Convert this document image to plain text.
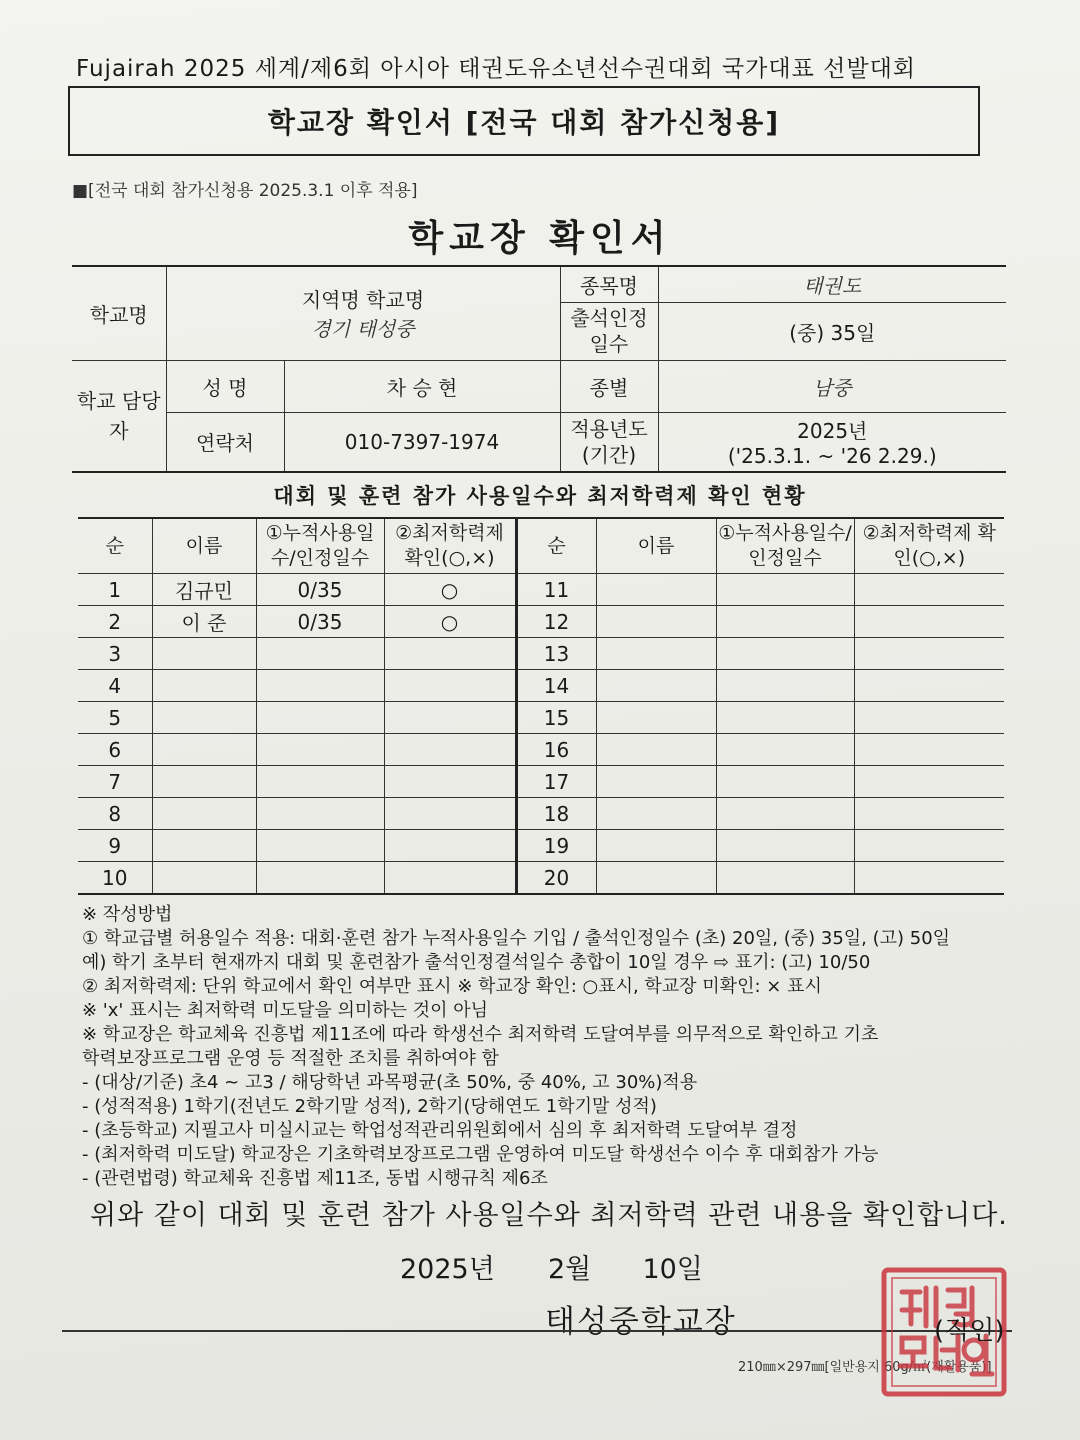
Fujairah 2025 세계/제6회 아시아 태권도유소년선수권대회 국가대표 선발대회
학교장 확인서 [전국 대회 참가신청용]
■[전국 대회 참가신청용 2025.3.1 이후 적용]
학교장 확인서
학교명	지역명 학교명
경기 태성중		종목명	태권도
			출석인정 일수	(중) 35일
학교 담당자	성 명	차 승 현	종별	남중
	연락처	010-7397-1974	적용년도 (기간)	2025년
('25.3.1. ~ '26 2.29.)
대회 및 훈련 참가 사용일수와 최저학력제 확인 현황
순	이름	①누적사용일수/인정일수	②최저학력제 확인(○,×)	순	이름	①누적사용일수/인정일수	②최저학력제 확인(○,×)
1	김규민	0/35	○	11			
2	이 준	0/35	○	12			
3				13			
4				14			
5				15			
6				16			
7				17			
8				18			
9				19			
10				20			
※ 작성방법
① 학교급별 허용일수 적용: 대회·훈련 참가 누적사용일수 기입 / 출석인정일수 (초) 20일, (중) 35일, (고) 50일
예) 학기 초부터 현재까지 대회 및 훈련참가 출석인정결석일수 총합이 10일 경우 ⇨ 표기: (고) 10/50
② 최저학력제: 단위 학교에서 확인 여부만 표시 ※ 학교장 확인: ○표시, 학교장 미확인: × 표시
※ 'x' 표시는 최저학력 미도달을 의미하는 것이 아님
※ 학교장은 학교체육 진흥법 제11조에 따라 학생선수 최저학력 도달여부를 의무적으로 확인하고 기초
학력보장프로그램 운영 등 적절한 조치를 취하여야 함
- (대상/기준) 초4 ~ 고3 / 해당학년 과목평균(초 50%, 중 40%, 고 30%)적용
- (성적적용) 1학기(전년도 2학기말 성적), 2학기(당해연도 1학기말 성적)
- (초등학교) 지필고사 미실시교는 학업성적관리위원회에서 심의 후 최저학력 도달여부 결정
- (최저학력 미도달) 학교장은 기초학력보장프로그램 운영하여 미도달 학생선수 이수 후 대회참가 가능
- (관련법령) 학교체육 진흥법 제11조, 동법 시행규칙 제6조
위와 같이 대회 및 훈련 참가 사용일수와 최저학력 관련 내용을 확인합니다.
2025년 2월 10일
태성중학교장
210㎜×297㎜[일반용지 60g/㎡(재활용품)]
(직인)
